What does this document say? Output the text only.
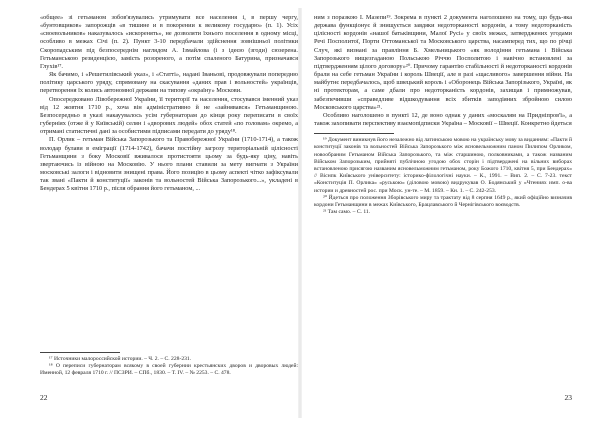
«общее» зі гетьманом зобов'язувались утримувати все населення і, в першу чергу, «бунтовщиков» запорожців «в тишине и в покорении к великому государю» (п. 1). Усіх «своевольников» наказувалось «искоренять», не дозволяти їхнього поселення в одному місці, особливо в межах Січі (п. 2). Пункт 3-10 передбачали здійснення зовнішньої політики Скоропадським під безпосереднім наглядом А. Ізмайлова (і з ідеєю (згоди) сюзерена. Гетьманською резиденцією, замість розореного, а потім спаленого Батурина, призначався Глухів¹⁷.

Як бачимо, і «Решетилівський указ», і «Статті», надані Іваньові, продовжували попередню політику царського уряду, спрямовану на скасування «даних прав і вольностей» українців, перетворення їх колись автономної держави на типову «окраїну» Москови.

Опосередковано Лівобережної України, її території та населення, стосувався іменний указ від 12 жовтня 1710 р., хоча він адміністративно й не «зайнявався» Гетьманщиною. Безпосередньо в указі накауувалось усім губернаторам до кінця року переписати в своїх губерніях (отже й у Київській) селян і «дворових людей» обох статей «по головам» окремо, а отримані статистичні дані за особистими підписами передати до уряду¹⁸.

П. Орлик – гетьман Війська Запорозького та Правобережної України (1710-1714), а також володар булави в еміграції (1714-1742), бачачи постійну загрозу територіальній цілісності Гетьманщини з боку Московії вживалося протистояти цьому за будь-яку ціну, навіть звертаючись із війною на Московію. У нього плани ставили за мету вигнати з України московські залоги і відновити знищені права. Його позицію в цьому аспекті чітко зафіксували так звані «Пакти й конституції» законів та вольностей Війська Запорозького...», укладені в Бендерах 5 квітня 1710 р., після обрання його гетьманом, ...

¹⁷ Источники малороссийской истории. – Ч. 2. – С. 228-231.

¹⁸ О переписи губернаторам всякому в своей губернии крестьянских дворов и дворовых людей: Именной, 12 февраля 1710 г. // ПСЗРИ. – СПб., 1830. – Т. IV. – № 2253. – С. 478.

22

ним з поразкою І. Мазепи¹⁹. Зокрема в пункті 2 документа наголошено на тому, що будь-яка держава функціонує й знищується завдяки недоторканості кордонів, а тому недоторканість цілісності кордонів «нашої батьківщини, Малої Русі» у своїх межах, затверджених угодами Речі Посполитої, Порти Оттоманської та Московського царства, насамперед тих, що по річці Случ, які визнані за правління Б. Хмельницького «як володіння гетьмана і Війська Запорозького вищезгаданою Польською Річчю Посполитою і навічно встановлені за підтвердженням цілого договору»²⁰. Причому гарантію стабільності й недоторканості кордонів брали на себе гетьман України і король Швеції, але в разі «щасливого» завершення війни. На майбутнє передбачалось, щоб швецький король і «Оборонець Війська Запорізького, Україні, як ні протекторам, а саме дбали про недоторканість кордонів, захищав і примножував, забезпечивши «справедливе відшкодування всіх збитків заподіяних збройною силою Московського царства»²¹.

Особливо наголошено в пункті 12, де воно однак у даних «москалям на Приднiпров'ї», а також захопивати перспективу взаємопідписки Україна – Московії – Швеції. Конкретно йдеться

¹⁹ Документ виникнув його незалежно від латинською мовою на українську мову за виданням: «Пакти й конституції законів та вольностей Війська Запорозького між ясновельможним паном Пилипом Орликом, новообраним Гетьманом Війська Запорозького, та між старшиною, полковниками, а також названим Військом Запорозьким, прийняті публічною угодою обох сторін і підтверджені на вільних виборах встановленою присягою названим ясновельможним гетьманом, року Божого 1710, квітня 5, при Бендерах» // Віснпк Київського університету: історико-філологічні науки. – К., 1991. – Вип. 2. – С. 7-23. текст «Конституція П. Орлика» «руською» (діловою мовою) видрукував О. Бодянський у «Чтениях имп. о-ва истории и древностей рос. при Моск. ун-те. – М. 1859. – Кн. 1. – С. 242-253.

²⁰ Йдеться про положення Зборівського миру та трактату від 8 серпня 1649 р., який офіційно визначив кордони Гетьманщини в межах Київського, Брацлавського й Чернігівського воєводств.

²¹ Там само. – С. 11.

23
